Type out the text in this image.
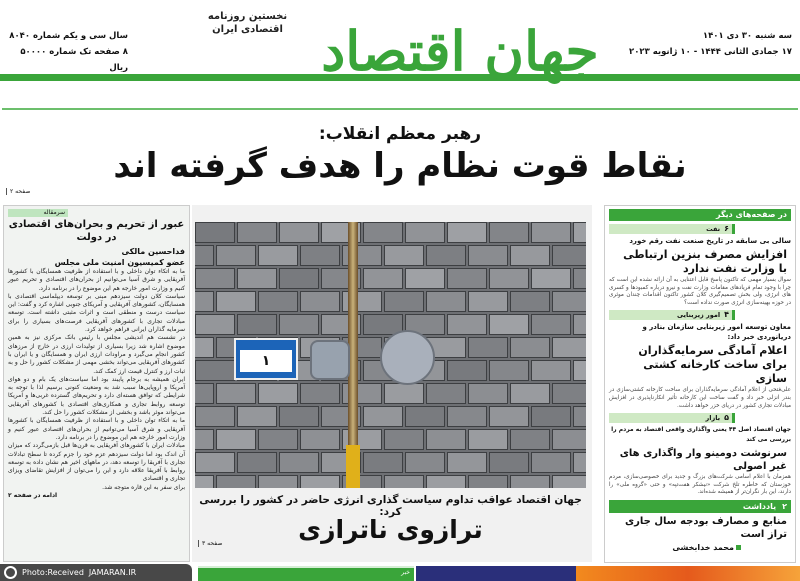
جهان اقتصاد
نخستین روزنامه اقتصادی ایران
سه شنبه ۳۰ دی ۱۴۰۱
۱۷ جمادی الثانی ۱۴۴۴ - ۱۰ ژانویه ۲۰۲۳
سال سی و یکم شماره ۸۰۴۰
۸ صفحه تک شماره ۵۰۰۰۰ ریال
رهبر معظم انقلاب:
نقاط قوت نظام را هدف گرفته اند
صفحه ۲
سرمقاله
عبور از تحریم و بحران‌های اقتصادی در دولت
فداحسین مالکی
عضو کمیسیون امنیت ملی مجلس

ما به اتکاء توان داخلی و با استفاده از ظرفیت همسایگان با کشورها آفریقایی و شرق آسیا می‌توانیم از بحران‌های اقتصادی و تحریم عبور کنیم و وزارت امور خارجه هم این موضوع را در برنامه دارد.

سیاست کلان دولت سیزدهم مبنی بر توسعه دیپلماسی اقتصادی با همسایگان، کشورهای آفریقایی و آمریکای جنوبی اشاره کرد و گفت: این سیاست درست و منطقی است و اثرات مثبتی داشته است. توسعه مبادلات تجاری با کشورهای آفریقایی فرصت‌های بسیاری را برای سرمایه گذاران ایرانی فراهم خواهد کرد.

در نشست هم اندیشی مجلس با رئیس بانک مرکزی نیز به همین موضوع اشاره شد زیرا بسیاری از تولیدات ارزی در خارج از مرزهای کشور انجام می‌گیرد و مراودات ارزی ایران و همسایگان و یا ایران با کشورهای آفریقایی می‌تواند بخشی مهمی از مشکلات کشور را حل و به ثبات ارز و کنترل قیمت ارز کمک کند.

ایران همیشه به برجام پایبند بود اما سیاست‌های یک بام و دو هوای آمریکا و اروپایی‌ها سبب شد به وضعیت کنونی برسیم لذا با توجه به شرایطی که توافق هسته‌ای دارد و تحریم‌های گسترده غربی‌ها و آمریکا توسعه روابط تجاری و همکاری‌های اقتصادی با کشورهای آفریقایی می‌تواند موثر باشد و بخشی از مشکلات کشور را حل کند.

ما به اتکاء توان داخلی و با استفاده از ظرفیت همسایگان با کشورها آفریقایی و شرق آسیا می‌توانیم از بحران‌های اقتصادی عبور کنیم و وزارت امور خارجه هم این موضوع را در برنامه دارد.

مبادلات ایران با کشورهای آفریقایی به قرن‌ها قبل بازمی‌گردد که میزان آن اندک بود اما دولت سیزدهم عزم خود را جزم کرده تا سطح تبادلات تجاری با آفریقا را توسعه دهد، در ماههای اخیر هم نشان داده به توسعه روابط با آفریقا علاقه دارد و این را می‌توان از افزایش تقاضای ویزای تجاری و اقتصادی

برای سفر به این قاره متوجه شد.

ادامه در صفحه ۲
۱
جهان اقتصاد عواقب تداوم سیاست گذاری انرژی حاضر در کشور را بررسی کرد:
ترازوی ناترازی
صفحه ۳
در صفحه‌های دیگر
۶نفت
سالی بی سابقه در تاریخ صنعت نفت رقم خورد
افزایش مصرف بنزین ارتباطی با وزارت نفت ندارد
سوال بسیار مهمی که تاکنون پاسخ قابل اعتنایی به آن ارائه نشده این است که چرا با وجود تمام فریادهای مقامات وزارت نفت و نیرو درباره کمبودها و کسری های انرژی، ولی بخش تصمیم‌گیری کلان کشور تاکنون اقدامات چندان موثری در حوزه بهینه‌سازی انرژی صورت نداده است؟
۴امور زیربنایی
معاون توسعه امور زیربنایی سازمان بنادر و دریانوردی خبر داد:
اعلام آمادگی سرمایه‌گذاران برای ساخت کارخانه کشتی سازی
علی‌فتحی از اعلام آمادگی سرمایه‌گذاران برای ساخت کارخانه کشتی‌سازی در بندر انزلی خبر داد و گفت ساخت این کارخانه تأثیر انکارناپذیری در افزایش مبادلات تجاری کشور در دریای خزر خواهد داشت.
۵بازار
جهان اقتصاد اصل ۴۴ یعنی واگذاری واقعی اقتصاد به مردم را بررسی می کند
سرنوشت دومینو وار واگذاری های غیر اصولی
همزمان با اعلام اسامی شرکت‌های بزرگ و جدید برای خصوصی‌سازی، مردم خوزستان که خاطره تلخ شرکت «نیشکر هفت‌تپه» و حتی «گروه ملی» را دارند، این بار نگران‌تر از همیشه شده‌اند.
۲یادداشت
منابع و مصارف بودجه سال جاری تراز است
محمد خدابخشی
خبر
Photo:Received JAMARAN.IR
